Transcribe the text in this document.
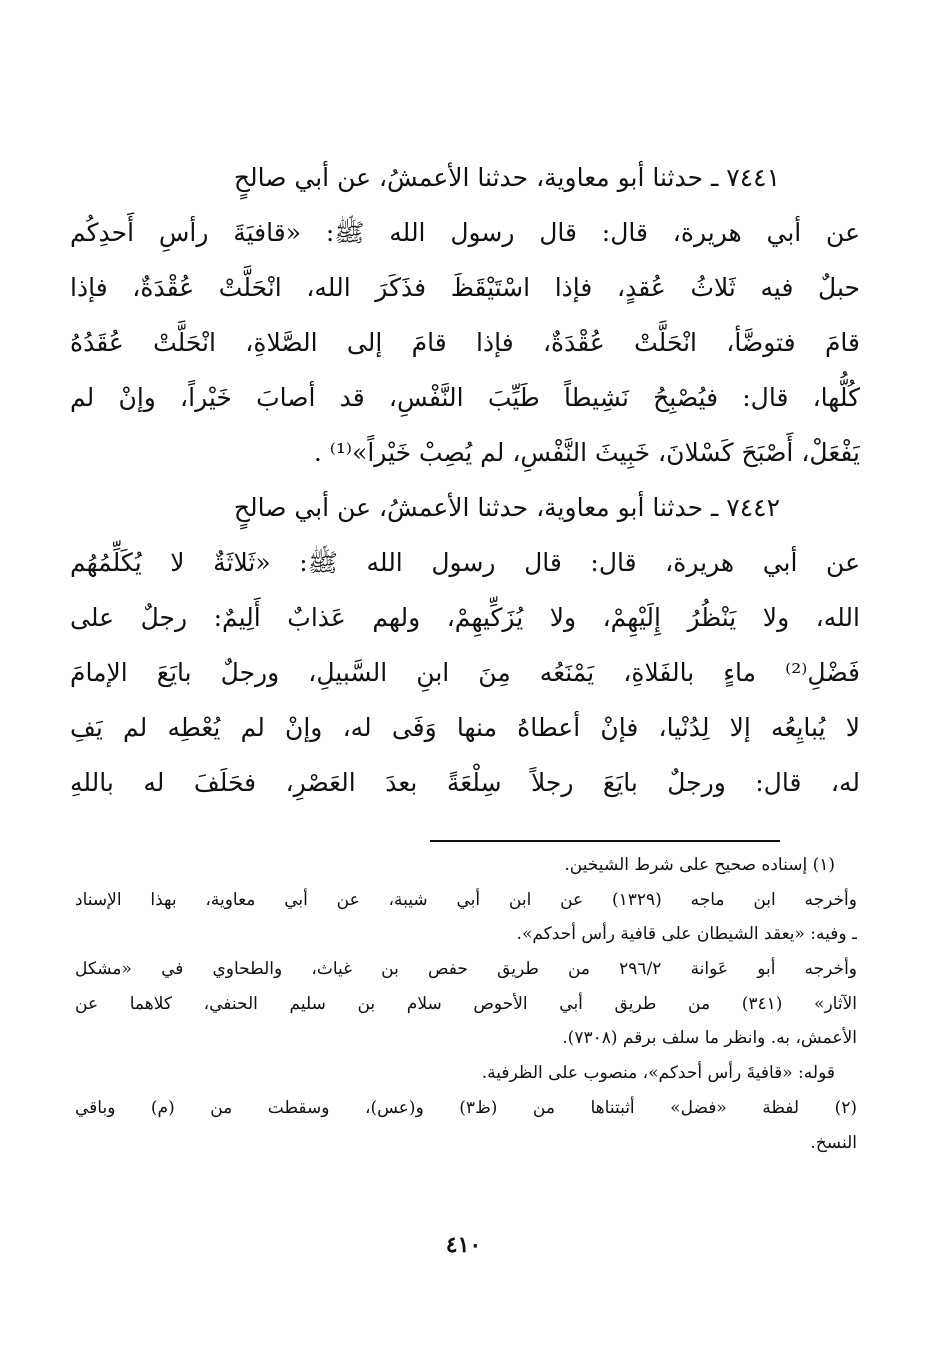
٧٤٤١ ـ حدثنا أبو معاوية، حدثنا الأعمشُ، عن أبي صالحٍ
عن أبي هريرة، قال: قال رسول الله ﷺ: «قافيَةَ رأسِ أَحدِكُم
حبلٌ فيه ثَلاثُ عُقدٍ، فإذا اسْتَيْقَظَ فذَكَرَ الله، انْحَلَّتْ عُقْدَةٌ، فإذا
قامَ فتوضَّأ، انْحَلَّتْ عُقْدَةٌ، فإذا قامَ إلى الصَّلاةِ، انْحَلَّتْ عُقَدُهُ
كُلُّها، قال: فيُصْبِحُ نَشِيطاً طَيِّبَ النَّفْسِ، قد أصابَ خَيْراً، وإنْ لم
يَفْعَلْ، أَصْبَحَ كَسْلانَ، خَبِيثَ النَّفْسِ، لم يُصِبْ خَيْراً»⁽¹⁾ .
٧٤٤٢ ـ حدثنا أبو معاوية، حدثنا الأعمشُ، عن أبي صالحٍ
عن أبي هريرة، قال: قال رسول الله ﷺ: «ثَلاثَةٌ لا يُكَلِّمُهُم
الله، ولا يَنْظُرُ إِلَيْهِمْ، ولا يُزَكِّيهِمْ، ولهم عَذابٌ أَلِيمٌ: رجلٌ على
فَضْلِ⁽²⁾ ماءٍ بالفَلاةِ، يَمْنَعُه مِنَ ابنِ السَّبيلِ، ورجلٌ بايَعَ الإمامَ
لا يُبايِعُه إلا لِدُنْيا، فإنْ أعطاهُ منها وَفَى له، وإنْ لم يُعْطِه لم يَفِ
له، قال: ورجلٌ بايَعَ رجلاً سِلْعَةً بعدَ العَصْرِ، فحَلَفَ له باللهِ
(١) إسناده صحيح على شرط الشيخين.
وأخرجه ابن ماجه (١٣٢٩) عن ابن أبي شيبة، عن أبي معاوية، بهذا الإسناد
ـ وفيه: «يعقد الشيطان على قافية رأس أحدكم».
وأخرجه أبو عَوانة ٢٩٦/٢ من طريق حفص بن غياث، والطحاوي في «مشكل
الآثار» (٣٤١) من طريق أبي الأحوص سلام بن سليم الحنفي، كلاهما عن
الأعمش، به. وانظر ما سلف برقم (٧٣٠٨).
قوله: «قافيةَ رأس أحدكم»، منصوب على الظرفية.
(٢) لفظة «فضل» أثبتناها من (ظ٣) و(عس)، وسقطت من (م) وباقي
النسخ.
٤١٠
